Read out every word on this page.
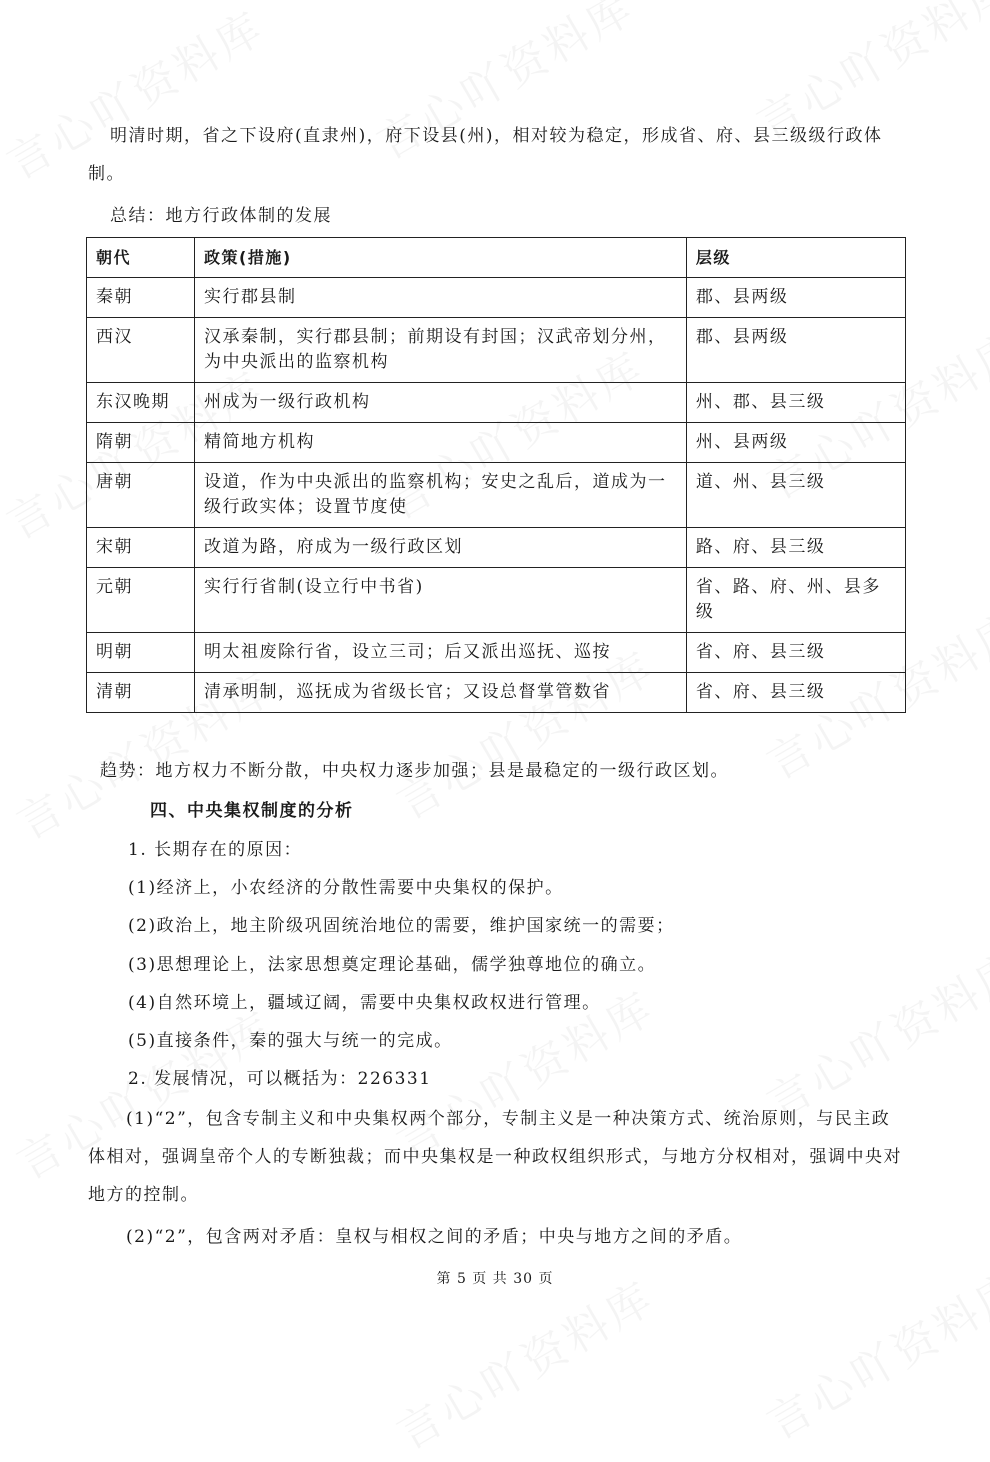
明清时期，省之下设府(直隶州)，府下设县(州)，相对较为稳定，形成省、府、县三级级行政体制。

总结：地方行政体制的发展

朝代	政策(措施)	层级
秦朝	实行郡县制	郡、县两级
西汉	汉承秦制，实行郡县制；前期设有封国；汉武帝划分州，为中央派出的监察机构	郡、县两级
东汉晚期	州成为一级行政机构	州、郡、县三级
隋朝	精简地方机构	州、县两级
唐朝	设道，作为中央派出的监察机构；安史之乱后，道成为一级行政实体；设置节度使	道、州、县三级
宋朝	改道为路，府成为一级行政区划	路、府、县三级
元朝	实行行省制(设立行中书省)	省、路、府、州、县多级
明朝	明太祖废除行省，设立三司；后又派出巡抚、巡按	省、府、县三级
清朝	清承明制，巡抚成为省级长官；又设总督掌管数省	省、府、县三级

趋势：地方权力不断分散，中央权力逐步加强；县是最稳定的一级行政区划。

四、中央集权制度的分析

1. 长期存在的原因：

(1)经济上，小农经济的分散性需要中央集权的保护。

(2)政治上，地主阶级巩固统治地位的需要，维护国家统一的需要；

(3)思想理论上，法家思想奠定理论基础，儒学独尊地位的确立。

(4)自然环境上，疆域辽阔，需要中央集权政权进行管理。

(5)直接条件，秦的强大与统一的完成。

2. 发展情况，可以概括为：226331

(1)“2”，包含专制主义和中央集权两个部分，专制主义是一种决策方式、统治原则，与民主政体相对，强调皇帝个人的专断独裁；而中央集权是一种政权组织形式，与地方分权相对，强调中央对地方的控制。

(2)“2”，包含两对矛盾：皇权与相权之间的矛盾；中央与地方之间的矛盾。

第 5 页 共 30 页
